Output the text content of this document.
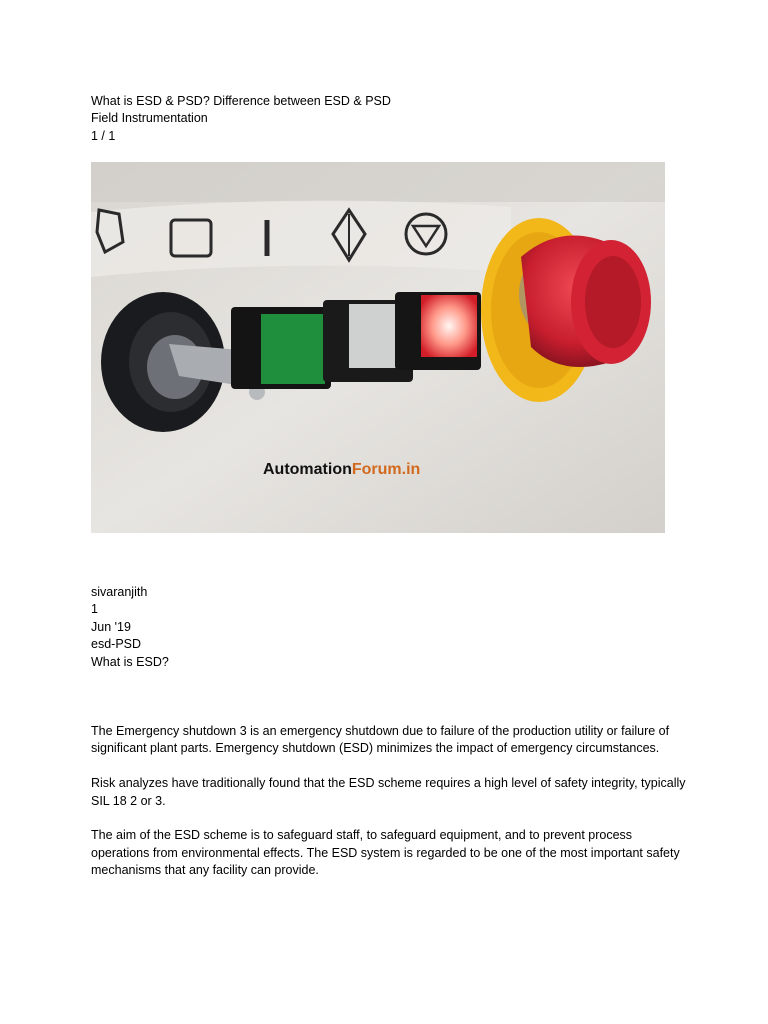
What is ESD & PSD? Difference between ESD & PSD
Field Instrumentation
1 / 1
AutomationForum.in
sivaranjith
1
Jun '19
esd-PSD
What is ESD?

The Emergency shutdown 3 is an emergency shutdown due to failure of the production utility or failure of significant plant parts. Emergency shutdown (ESD) minimizes the impact of emergency circumstances.

Risk analyzes have traditionally found that the ESD scheme requires a high level of safety integrity, typically SIL 18 2 or 3.

The aim of the ESD scheme is to safeguard staff, to safeguard equipment, and to prevent process operations from environmental effects. The ESD system is regarded to be one of the most important safety mechanisms that any facility can provide.
